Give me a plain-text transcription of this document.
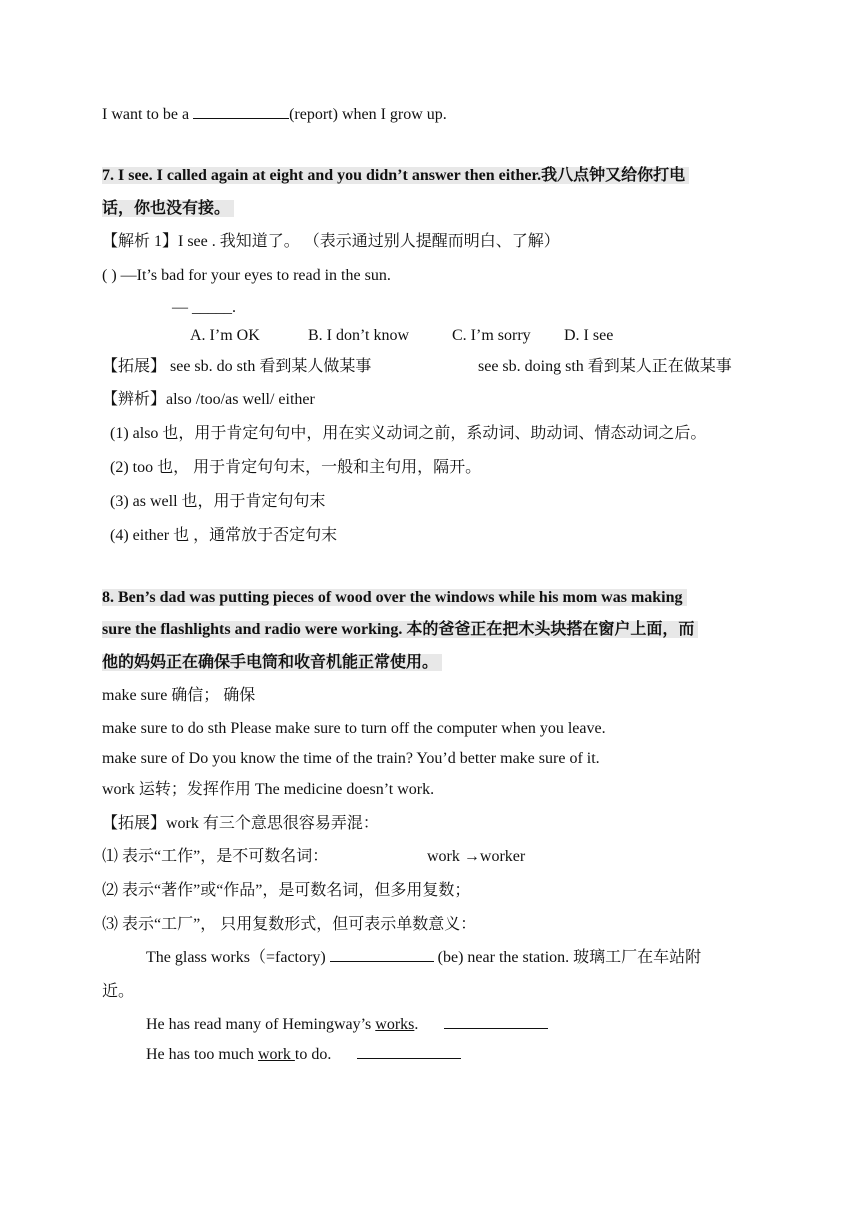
I want to be a	(report) when I grow up.
7. I see. I called again at eight and you didn’t answer then either.我八点钟又给你打电
话，你也没有接。
【解析 1】I see . 我知道了。 （表示通过别人提醒而明白、了解）
( ) —It’s bad for your eyes to read in the sun.
— _____.
A. I’m OK	B. I don’t know	C. I’m sorry D. I see
【拓展】 see sb. do sth 看到某人做某事	see sb. doing sth 看到某人正在做某事
【辨析】also /too/as well/ either
(1) also 也，用于肯定句句中，用在实义动词之前，系动词、助动词、情态动词之后。
(2) too 也， 用于肯定句句末，一般和主句用，隔开。
(3) as well 也，用于肯定句句末
(4) either 也 ，通常放于否定句末
8. Ben’s dad was putting pieces of wood over the windows while his mom was making
sure the flashlights and radio were working. 本的爸爸正在把木头块搭在窗户上面，而
他的妈妈正在确保手电筒和收音机能正常使用。
make sure 确信； 确保
make sure to do sth Please make sure to turn off the computer when you leave.
make sure of Do you know the time of the train? You’d better make sure of it.
work 运转；发挥作用 The medicine doesn’t work.
【拓展】work 有三个意思很容易弄混：
⑴ 表示“工作”，是不可数名词：	work →worker
⑵ 表示“著作”或“作品”，是可数名词，但多用复数；
⑶ 表示“工厂”， 只用复数形式，但可表示单数意义：
The glass works（=factory)	(be) near the station. 玻璃工厂在车站附
近。
He has read many of Hemingway’s works.
He has too much work to do.
